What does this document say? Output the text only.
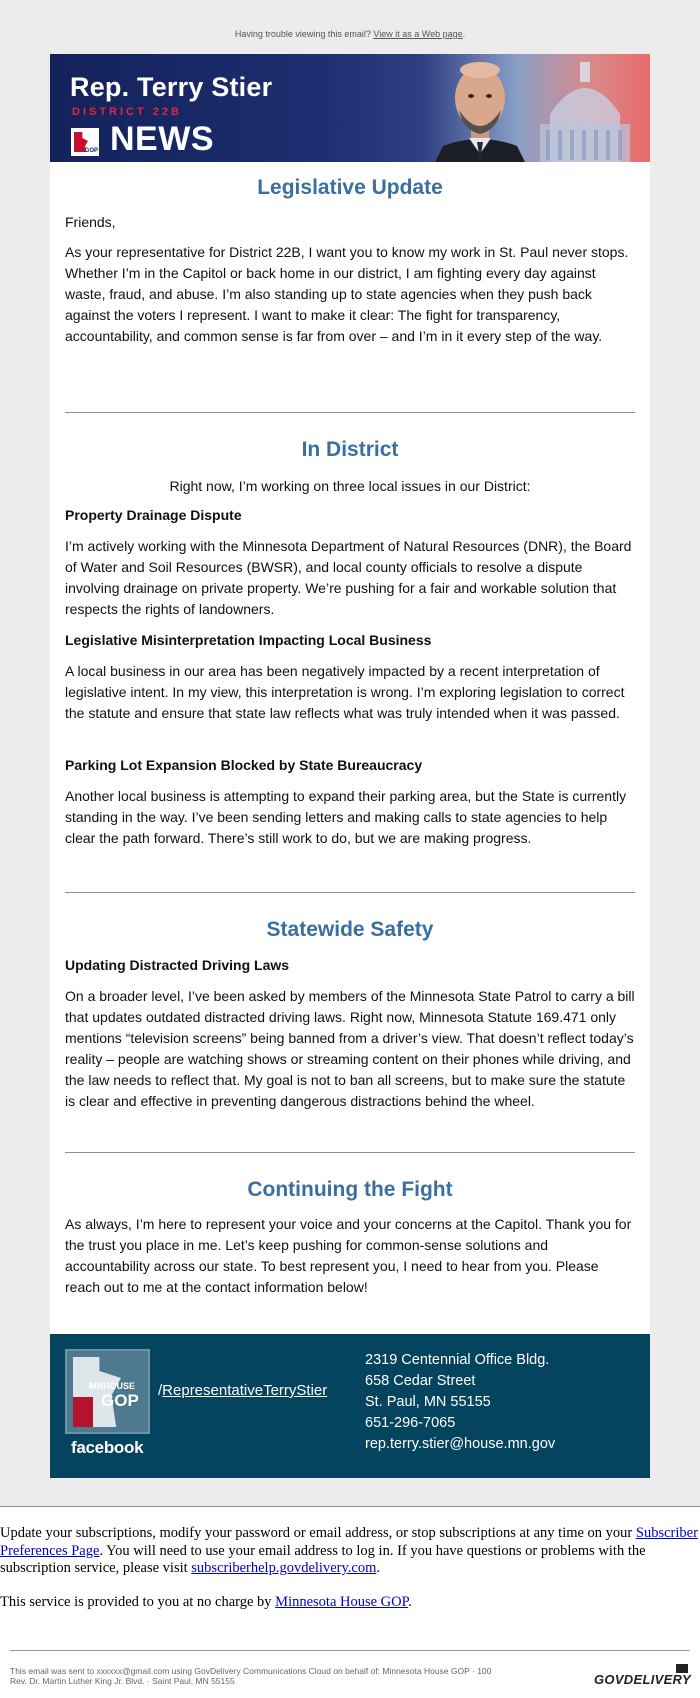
Having trouble viewing this email? View it as a Web page.
Rep. Terry Stier
DISTRICT 22B
GOP NEWS
Legislative Update

Friends,

As your representative for District 22B, I want you to know my work in St. Paul never stops. Whether I’m in the Capitol or back home in our district, I am fighting every day against waste, fraud, and abuse. I’m also standing up to state agencies when they push back against the voters I represent. I want to make it clear: The fight for transparency, accountability, and common sense is far from over – and I’m in it every step of the way.

In District

Right now, I’m working on three local issues in our District:

Property Drainage Dispute

I’m actively working with the Minnesota Department of Natural Resources (DNR), the Board of Water and Soil Resources (BWSR), and local county officials to resolve a dispute involving drainage on private property. We’re pushing for a fair and workable solution that respects the rights of landowners.

Legislative Misinterpretation Impacting Local Business

A local business in our area has been negatively impacted by a recent interpretation of legislative intent. In my view, this interpretation is wrong. I’m exploring legislation to correct the statute and ensure that state law reflects what was truly intended when it was passed.

Parking Lot Expansion Blocked by State Bureaucracy

Another local business is attempting to expand their parking area, but the State is currently standing in the way. I’ve been sending letters and making calls to state agencies to help clear the path forward. There’s still work to do, but we are making progress.

Statewide Safety
Updating Distracted Driving Laws

On a broader level, I’ve been asked by members of the Minnesota State Patrol to carry a bill that updates outdated distracted driving laws. Right now, Minnesota Statute 169.471 only mentions “television screens” being banned from a driver’s view. That doesn’t reflect today’s reality – people are watching shows or streaming content on their phones while driving, and the law needs to reflect that. My goal is not to ban all screens, but to make sure the statute is clear and effective in preventing dangerous distractions behind the wheel.

Continuing the Fight

As always, I’m here to represent your voice and your concerns at the Capitol. Thank you for the trust you place in me. Let’s keep pushing for common-sense solutions and accountability across our state. To best represent you, I need to hear from you. Please reach out to me at the contact information below!

MNHOUSE
GOP
facebook
/RepresentativeTerryStier
2319 Centennial Office Bldg.
658 Cedar Street
St. Paul, MN 55155
651-296-7065
rep.terry.stier@house.mn.gov
Update your subscriptions, modify your password or email address, or stop subscriptions at any time on your Subscriber Preferences Page. You will need to use your email address to log in. If you have questions or problems with the subscription service, please visit subscriberhelp.govdelivery.com.
This service is provided to you at no charge by Minnesota House GOP.
This email was sent to xxxxxx@gmail.com using GovDelivery Communications Cloud on behalf of: Minnesota House GOP · 100
Rev. Dr. Martin Luther King Jr. Blvd. · Saint Paul, MN 55155	GOVDELIVERY
